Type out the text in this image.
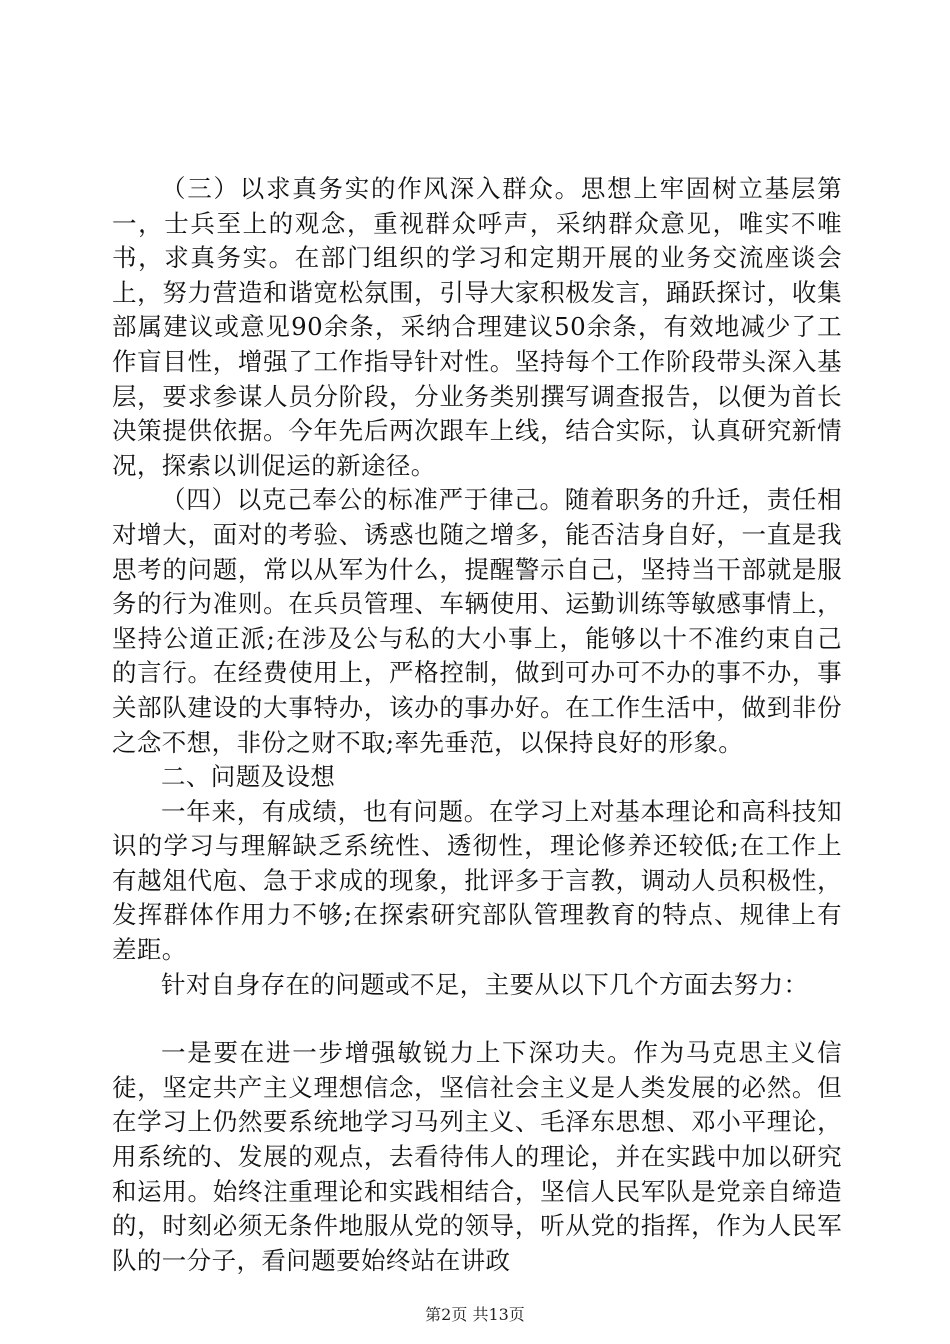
（三）以求真务实的作风深入群众。思想上牢固树立基层第一，士兵至上的观念，重视群众呼声，采纳群众意见，唯实不唯书，求真务实。在部门组织的学习和定期开展的业务交流座谈会上，努力营造和谐宽松氛围，引导大家积极发言，踊跃探讨，收集部属建议或意见90余条，采纳合理建议50余条，有效地减少了工作盲目性，增强了工作指导针对性。坚持每个工作阶段带头深入基层，要求参谋人员分阶段，分业务类别撰写调查报告，以便为首长决策提供依据。今年先后两次跟车上线，结合实际，认真研究新情况，探索以训促运的新途径。

（四）以克己奉公的标准严于律己。随着职务的升迁，责任相对增大，面对的考验、诱惑也随之增多，能否洁身自好，一直是我思考的问题，常以从军为什么，提醒警示自己，坚持当干部就是服务的行为准则。在兵员管理、车辆使用、运勤训练等敏感事情上，坚持公道正派;在涉及公与私的大小事上，能够以十不准约束自己的言行。在经费使用上，严格控制，做到可办可不办的事不办，事关部队建设的大事特办，该办的事办好。在工作生活中，做到非份之念不想，非份之财不取;率先垂范，以保持良好的形象。

二、问题及设想

一年来，有成绩，也有问题。在学习上对基本理论和高科技知识的学习与理解缺乏系统性、透彻性，理论修养还较低;在工作上有越俎代庖、急于求成的现象，批评多于言教，调动人员积极性，发挥群体作用力不够;在探索研究部队管理教育的特点、规律上有差距。

针对自身存在的问题或不足，主要从以下几个方面去努力：

一是要在进一步增强敏锐力上下深功夫。作为马克思主义信徒，坚定共产主义理想信念，坚信社会主义是人类发展的必然。但在学习上仍然要系统地学习马列主义、毛泽东思想、邓小平理论，用系统的、发展的观点，去看待伟人的理论，并在实践中加以研究和运用。始终注重理论和实践相结合，坚信人民军队是党亲自缔造的，时刻必须无条件地服从党的领导，听从党的指挥，作为人民军队的一分子，看问题要始终站在讲政

第2页 共13页
